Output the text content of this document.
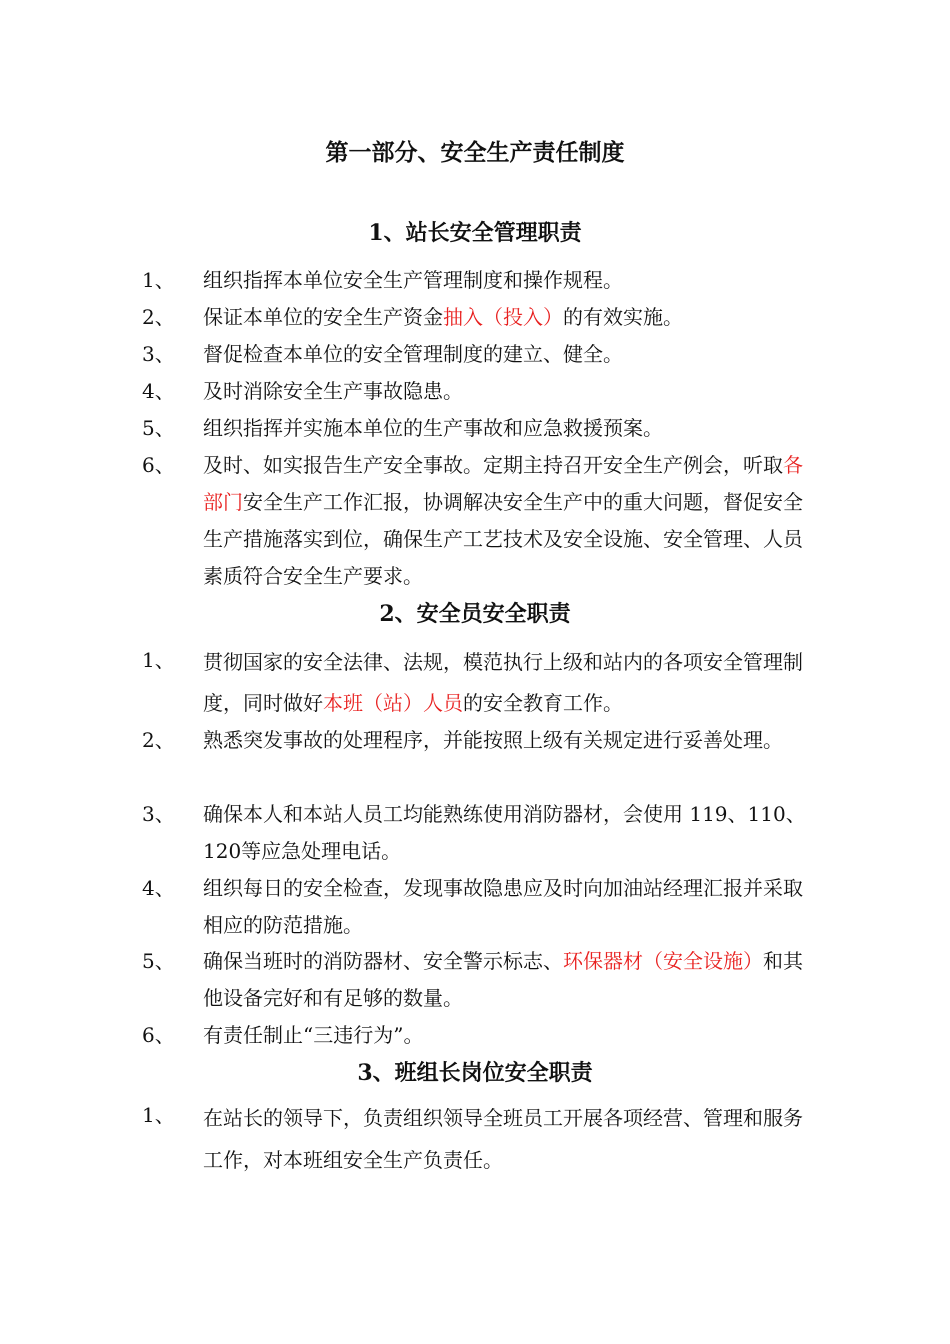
第一部分、安全生产责任制度
1、站长安全管理职责
1、 组织指挥本单位安全生产管理制度和操作规程。
2、 保证本单位的安全生产资金抽入（投入）的有效实施。
3、 督促检查本单位的安全管理制度的建立、健全。
4、 及时消除安全生产事故隐患。
5、 组织指挥并实施本单位的生产事故和应急救援预案。
6、 及时、如实报告生产安全事故。定期主持召开安全生产例会，听取各部门安全生产工作汇报，协调解决安全生产中的重大问题，督促安全生产措施落实到位，确保生产工艺技术及安全设施、安全管理、人员素质符合安全生产要求。
2、安全员安全职责
1、 贯彻国家的安全法律、法规，模范执行上级和站内的各项安全管理制度，同时做好本班（站）人员的安全教育工作。
2、 熟悉突发事故的处理程序，并能按照上级有关规定进行妥善处理。
3、 确保本人和本站人员工均能熟练使用消防器材，会使用 119、110、120等应急处理电话。
4、 组织每日的安全检查，发现事故隐患应及时向加油站经理汇报并采取相应的防范措施。
5、 确保当班时的消防器材、安全警示标志、环保器材（安全设施）和其他设备完好和有足够的数量。
6、 有责任制止“三违行为”。
3、班组长岗位安全职责
1、 在站长的领导下，负责组织领导全班员工开展各项经营、管理和服务工作，对本班组安全生产负责任。
